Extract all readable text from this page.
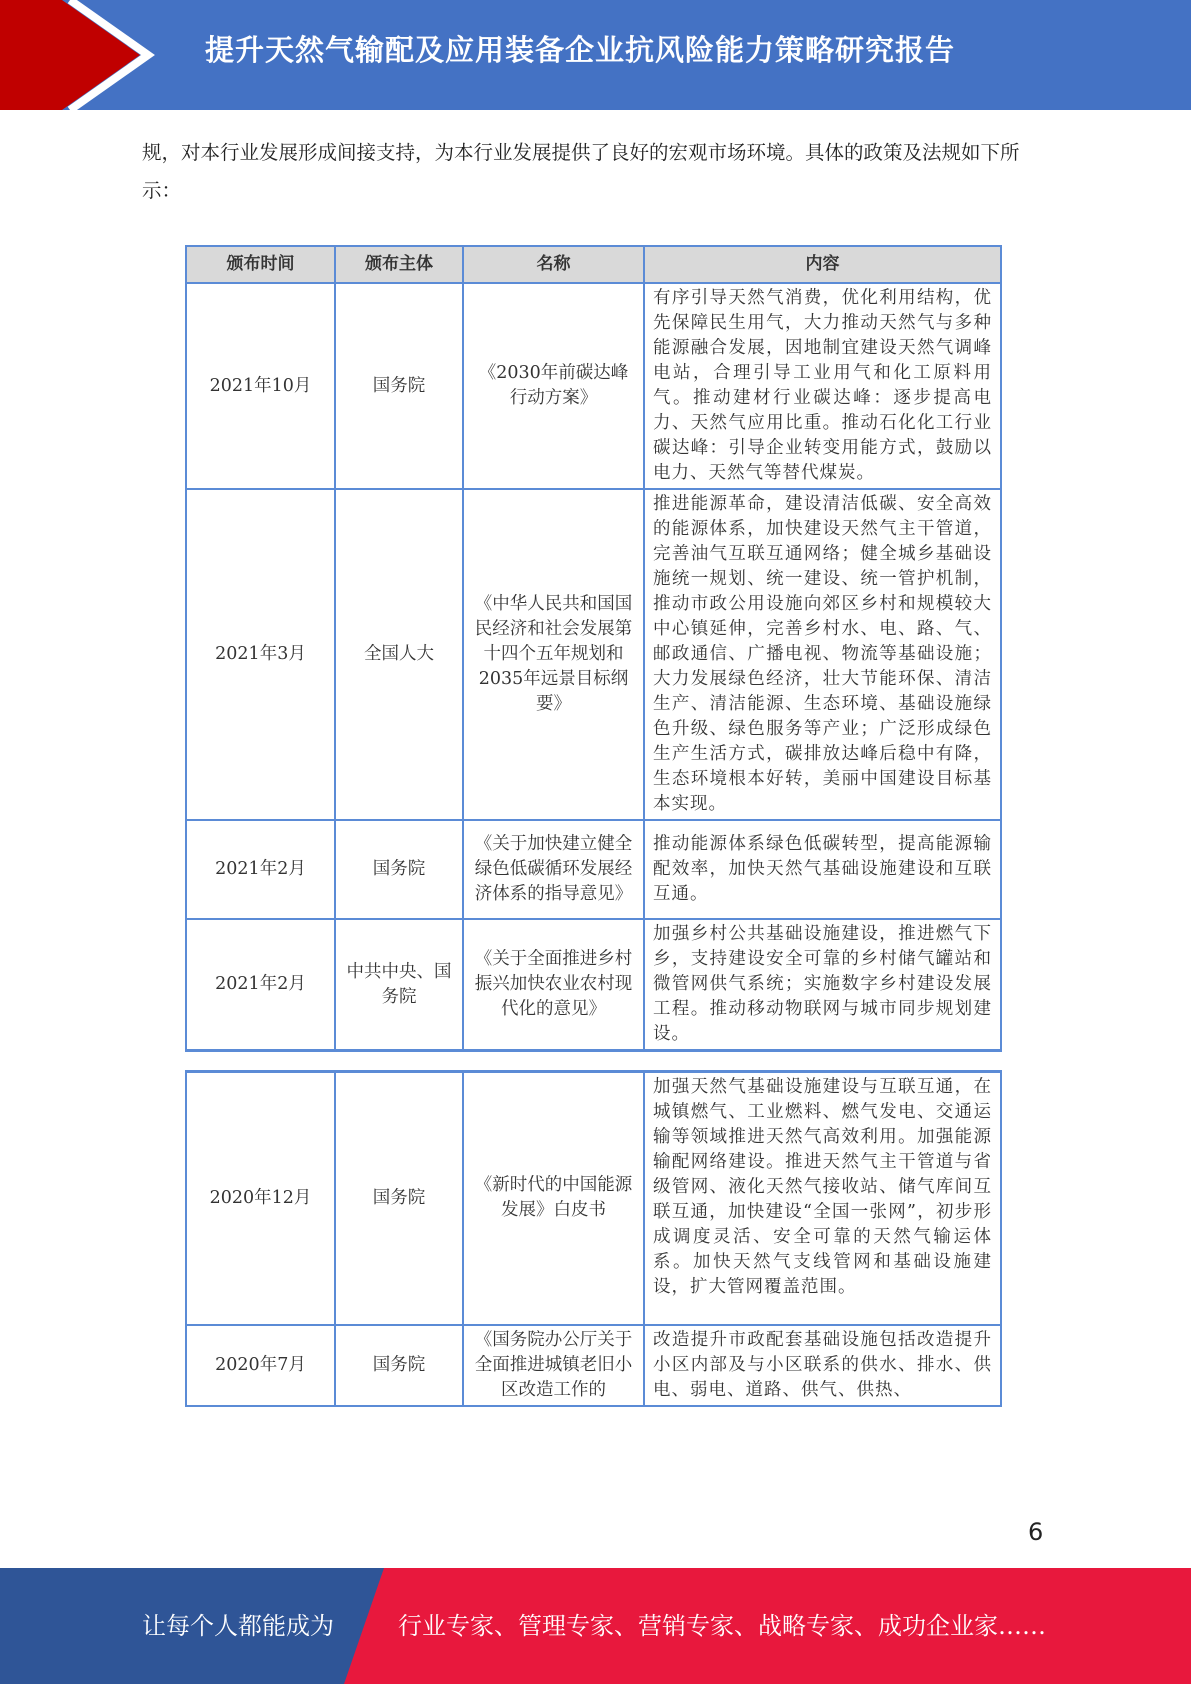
提升天然气输配及应用装备企业抗风险能力策略研究报告
规，对本行业发展形成间接支持，为本行业发展提供了良好的宏观市场环境。具体的政策及法规如下所示：
颁布时间	颁布主体	名称	内容
2021年10月	国务院	《2030年前碳达峰行动方案》	有序引导天然气消费，优化利用结构，优先保障民生用气，大力推动天然气与多种能源融合发展，因地制宜建设天然气调峰电站，合理引导工业用气和化工原料用气。推动建材行业碳达峰：逐步提高电力、天然气应用比重。推动石化化工行业碳达峰：引导企业转变用能方式，鼓励以电力、天然气等替代煤炭。
2021年3月	全国人大	《中华人民共和国国民经济和社会发展第十四个五年规划和2035年远景目标纲要》	推进能源革命，建设清洁低碳、安全高效的能源体系，加快建设天然气主干管道，完善油气互联互通网络；健全城乡基础设施统一规划、统一建设、统一管护机制，推动市政公用设施向郊区乡村和规模较大中心镇延伸，完善乡村水、电、路、气、邮政通信、广播电视、物流等基础设施；大力发展绿色经济，壮大节能环保、清洁生产、清洁能源、生态环境、基础设施绿色升级、绿色服务等产业；广泛形成绿色生产生活方式，碳排放达峰后稳中有降，生态环境根本好转，美丽中国建设目标基本实现。
2021年2月	国务院	《关于加快建立健全绿色低碳循环发展经济体系的指导意见》	推动能源体系绿色低碳转型，提高能源输配效率，加快天然气基础设施建设和互联互通。
2021年2月	中共中央、国务院	《关于全面推进乡村振兴加快农业农村现代化的意见》	加强乡村公共基础设施建设，推进燃气下乡，支持建设安全可靠的乡村储气罐站和微管网供气系统；实施数字乡村建设发展工程。推动移动物联网与城市同步规划建设。
2020年12月	国务院	《新时代的中国能源发展》白皮书	加强天然气基础设施建设与互联互通，在城镇燃气、工业燃料、燃气发电、交通运输等领域推进天然气高效利用。加强能源输配网络建设。推进天然气主干管道与省级管网、液化天然气接收站、储气库间互联互通，加快建设“全国一张网”，初步形成调度灵活、安全可靠的天然气输运体系。加快天然气支线管网和基础设施建设，扩大管网覆盖范围。
2020年7月	国务院	《国务院办公厅关于全面推进城镇老旧小区改造工作的	改造提升市政配套基础设施包括改造提升小区内部及与小区联系的供水、排水、供电、弱电、道路、供气、供热、
6
让每个人都能成为	行业专家、管理专家、营销专家、战略专家、成功企业家……
